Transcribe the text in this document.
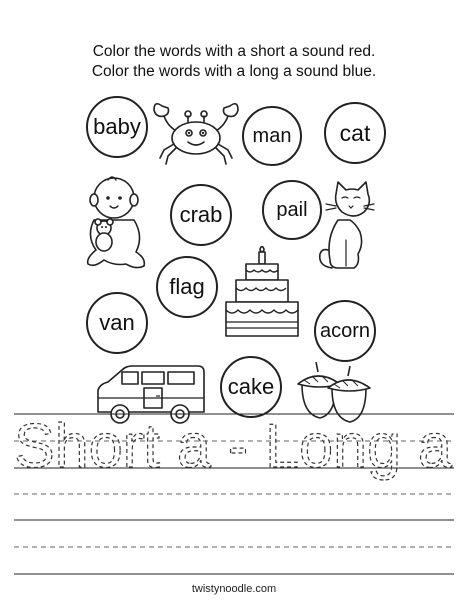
Color the words with a short a sound red.
Color the words with a long a sound blue.
baby	man cat
crab	pail
flag
van	acorn
cake
Short a - Long a
twistynoodle.com
